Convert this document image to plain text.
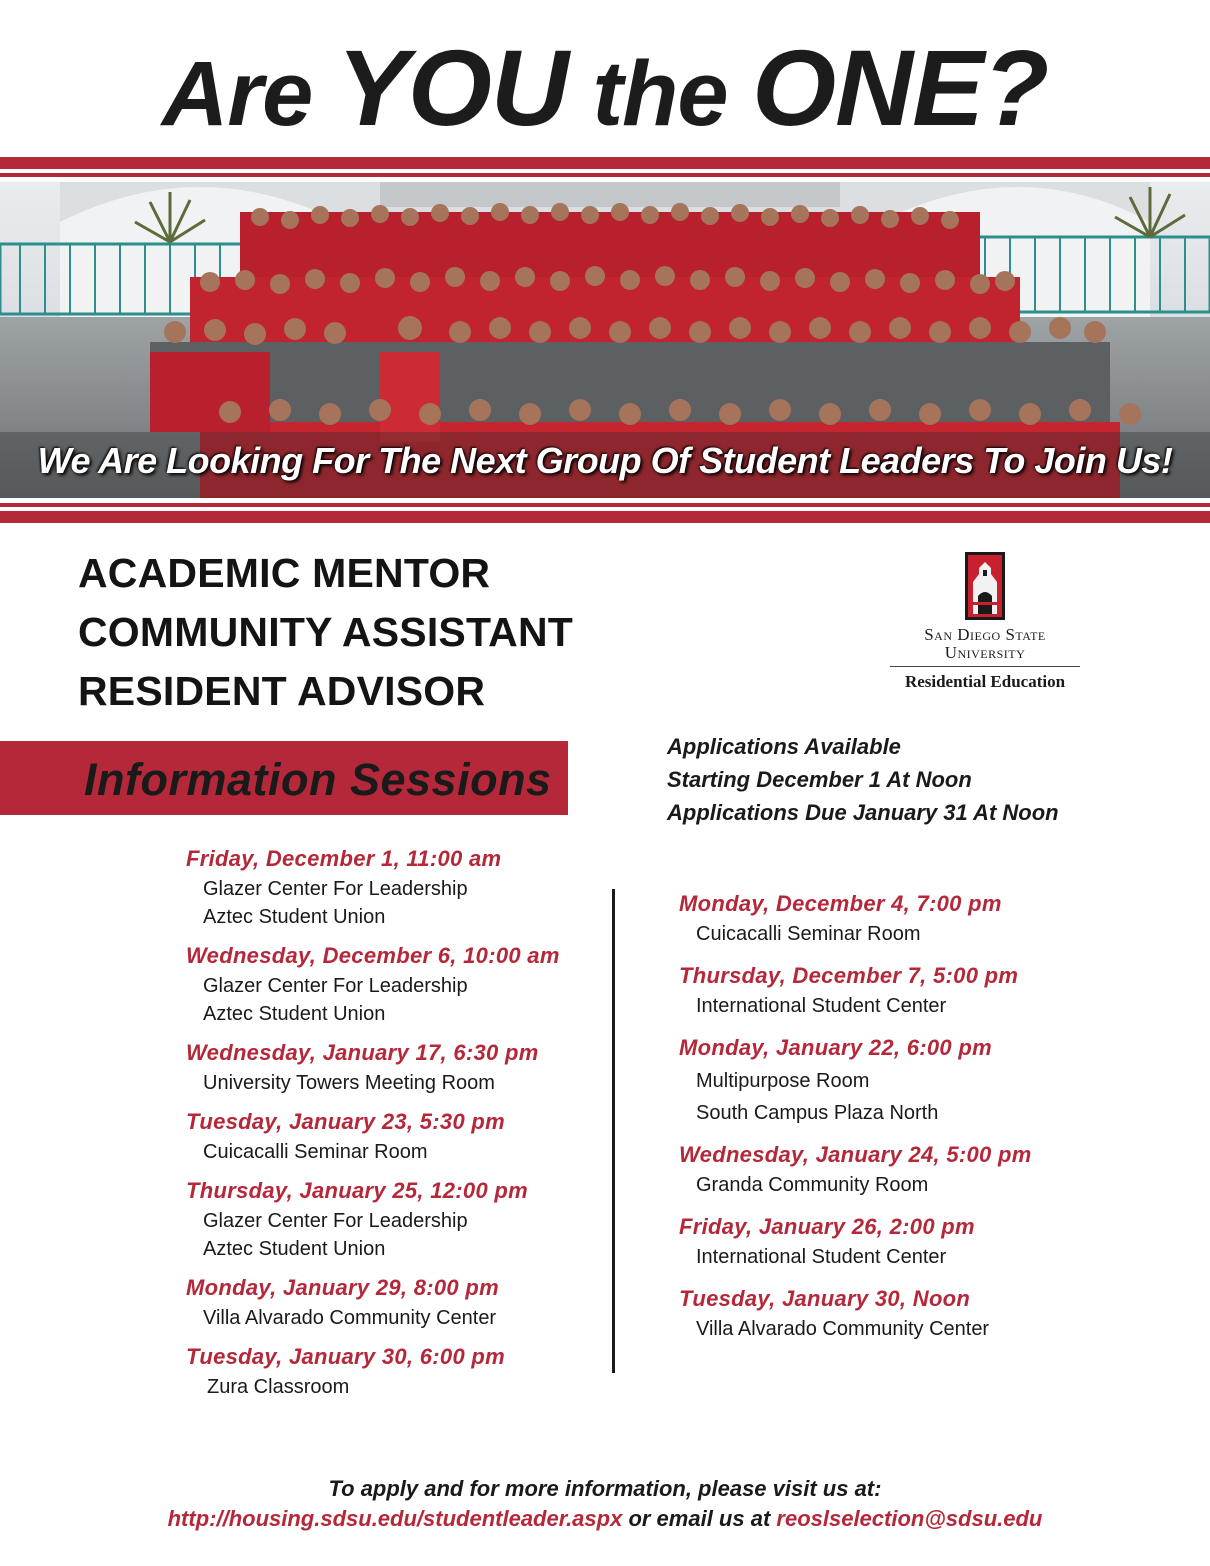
Are YOU the ONE?
We Are Looking For The Next Group Of Student Leaders To Join Us!
ACADEMIC MENTOR
COMMUNITY ASSISTANT
RESIDENT ADVISOR
San Diego State
University
Residential Education
Information Sessions
Applications Available
Starting December 1 At Noon
Applications Due January 31 At Noon
Friday, December 1, 11:00 am
Glazer Center For Leadership
Aztec Student Union
Wednesday, December 6, 10:00 am
Glazer Center For Leadership
Aztec Student Union
Wednesday, January 17, 6:30 pm
University Towers Meeting Room
Tuesday, January 23, 5:30 pm
Cuicacalli Seminar Room
Thursday, January 25, 12:00 pm
Glazer Center For Leadership
Aztec Student Union
Monday, January 29, 8:00 pm
Villa Alvarado Community Center
Tuesday, January 30, 6:00 pm
Zura Classroom
Monday, December 4, 7:00 pm
Cuicacalli Seminar Room
Thursday, December 7, 5:00 pm
International Student Center
Monday, January 22, 6:00 pm
Multipurpose Room
South Campus Plaza North
Wednesday, January 24, 5:00 pm
Granda Community Room
Friday, January 26, 2:00 pm
International Student Center
Tuesday, January 30, Noon
Villa Alvarado Community Center
To apply and for more information, please visit us at:
http://housing.sdsu.edu/studentleader.aspx or email us at reoslselection@sdsu.edu
